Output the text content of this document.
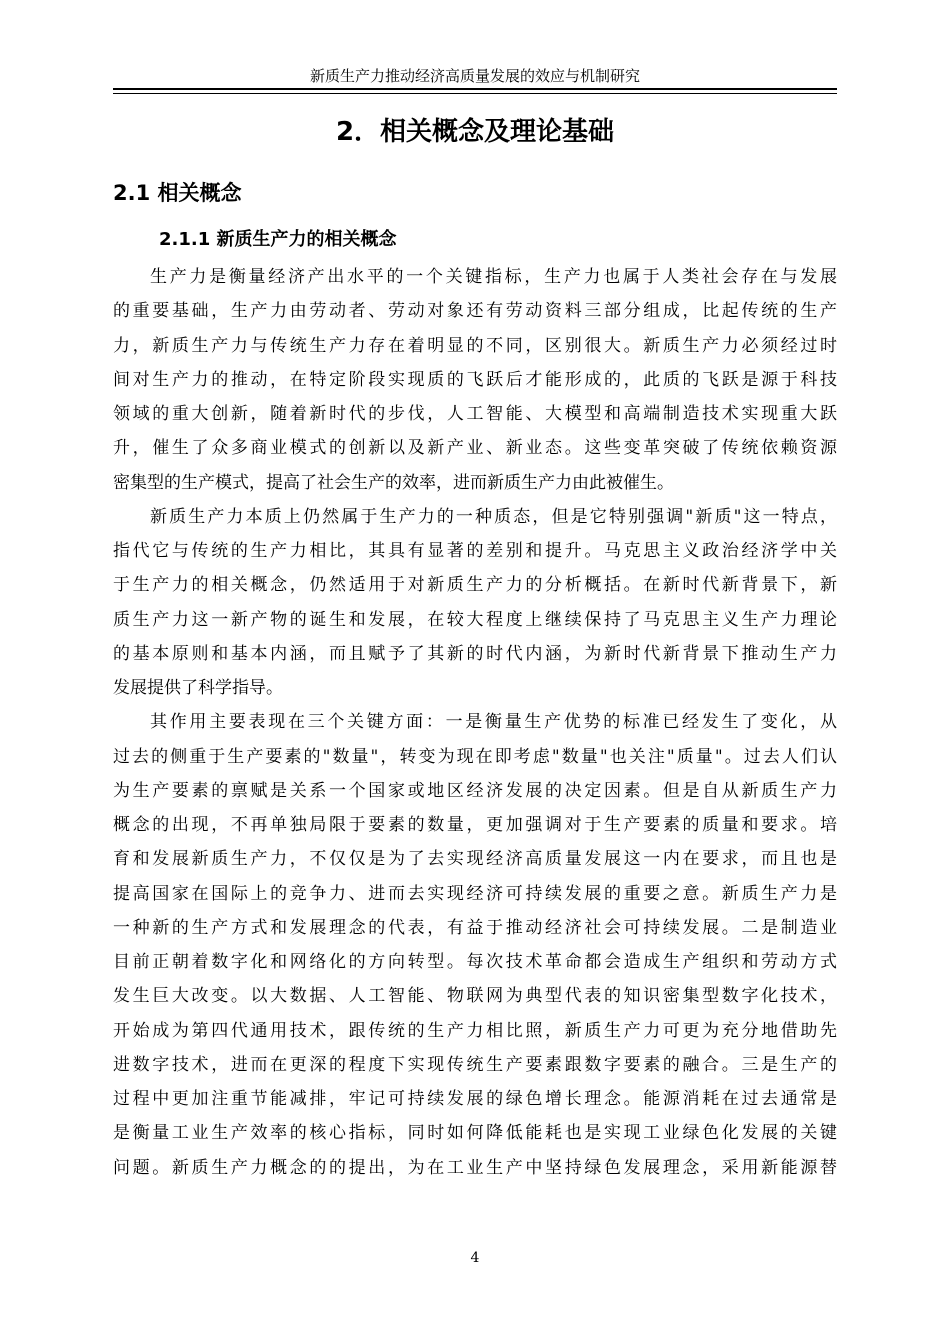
新质生产力推动经济高质量发展的效应与机制研究
2．相关概念及理论基础
2.1 相关概念
2.1.1 新质生产力的相关概念
生产力是衡量经济产出水平的一个关键指标，生产力也属于人类社会存在与发展
的重要基础，生产力由劳动者、劳动对象还有劳动资料三部分组成，比起传统的生产
力，新质生产力与传统生产力存在着明显的不同，区别很大。新质生产力必须经过时
间对生产力的推动，在特定阶段实现质的飞跃后才能形成的，此质的飞跃是源于科技
领域的重大创新，随着新时代的步伐，人工智能、大模型和高端制造技术实现重大跃
升，催生了众多商业模式的创新以及新产业、新业态。这些变革突破了传统依赖资源
密集型的生产模式，提高了社会生产的效率，进而新质生产力由此被催生。
新质生产力本质上仍然属于生产力的一种质态，但是它特别强调"新质"这一特点，
指代它与传统的生产力相比，其具有显著的差别和提升。马克思主义政治经济学中关
于生产力的相关概念，仍然适用于对新质生产力的分析概括。在新时代新背景下，新
质生产力这一新产物的诞生和发展，在较大程度上继续保持了马克思主义生产力理论
的基本原则和基本内涵，而且赋予了其新的时代内涵，为新时代新背景下推动生产力
发展提供了科学指导。
其作用主要表现在三个关键方面：一是衡量生产优势的标准已经发生了变化，从
过去的侧重于生产要素的"数量"，转变为现在即考虑"数量"也关注"质量"。过去人们认
为生产要素的禀赋是关系一个国家或地区经济发展的决定因素。但是自从新质生产力
概念的出现，不再单独局限于要素的数量，更加强调对于生产要素的质量和要求。培
育和发展新质生产力，不仅仅是为了去实现经济高质量发展这一内在要求，而且也是
提高国家在国际上的竞争力、进而去实现经济可持续发展的重要之意。新质生产力是
一种新的生产方式和发展理念的代表，有益于推动经济社会可持续发展。二是制造业
目前正朝着数字化和网络化的方向转型。每次技术革命都会造成生产组织和劳动方式
发生巨大改变。以大数据、人工智能、物联网为典型代表的知识密集型数字化技术，
开始成为第四代通用技术，跟传统的生产力相比照，新质生产力可更为充分地借助先
进数字技术，进而在更深的程度下实现传统生产要素跟数字要素的融合。三是生产的
过程中更加注重节能减排，牢记可持续发展的绿色增长理念。能源消耗在过去通常是
是衡量工业生产效率的核心指标，同时如何降低能耗也是实现工业绿色化发展的关键
问题。新质生产力概念的的提出，为在工业生产中坚持绿色发展理念，采用新能源替
4
